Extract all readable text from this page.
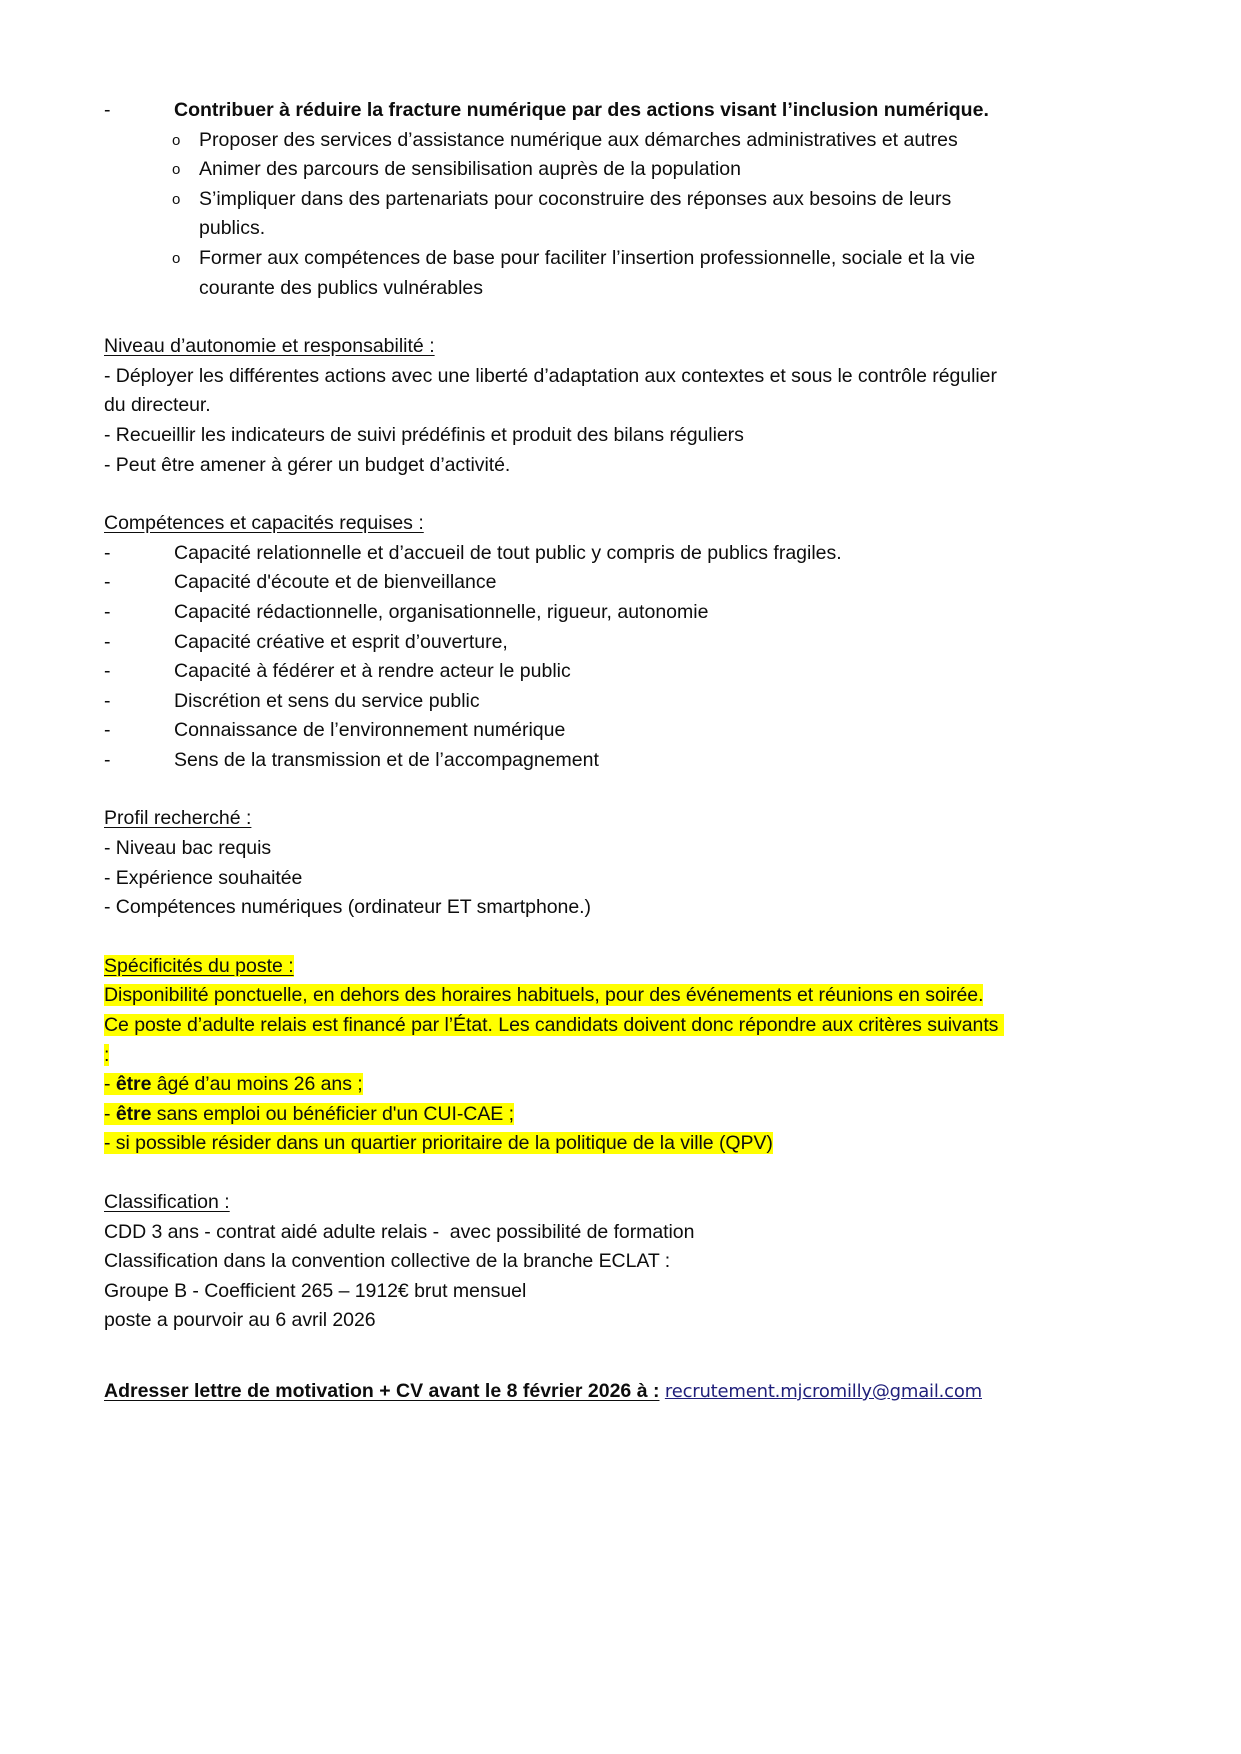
-	Contribuer à réduire la fracture numérique par des actions visant l’inclusion numérique.
o Proposer des services d’assistance numérique aux démarches administratives et autres
o Animer des parcours de sensibilisation auprès de la population
o S’impliquer dans des partenariats pour coconstruire des réponses aux besoins de leurs publics.
o Former aux compétences de base pour faciliter l’insertion professionnelle, sociale et la vie courante des publics vulnérables
Niveau d’autonomie et responsabilité :
- Déployer les différentes actions avec une liberté d’adaptation aux contextes et sous le contrôle régulier du directeur.
- Recueillir les indicateurs de suivi prédéfinis et produit des bilans réguliers
- Peut être amener à gérer un budget d’activité.
Compétences et capacités requises :
-	Capacité relationnelle et d’accueil de tout public y compris de publics fragiles.
-	Capacité d'écoute et de bienveillance
-	Capacité rédactionnelle, organisationnelle, rigueur, autonomie
-	Capacité créative et esprit d’ouverture,
-	Capacité à fédérer et à rendre acteur le public
-	Discrétion et sens du service public
-	Connaissance de l’environnement numérique
-	Sens de la transmission et de l’accompagnement
Profil recherché :
- Niveau bac requis
- Expérience souhaitée
- Compétences numériques (ordinateur ET smartphone.)
Spécificités du poste :
Disponibilité ponctuelle, en dehors des horaires habituels, pour des événements et réunions en soirée.
Ce poste d’adulte relais est financé par l’État. Les candidats doivent donc répondre aux critères suivants :
- être âgé d’au moins 26 ans ;
- être sans emploi ou bénéficier d'un CUI-CAE ;
- si possible résider dans un quartier prioritaire de la politique de la ville (QPV)
Classification :
CDD 3 ans - contrat aidé adulte relais -  avec possibilité de formation
Classification dans la convention collective de la branche ECLAT :
Groupe B - Coefficient 265 – 1912€ brut mensuel
poste a pourvoir au 6 avril 2026
Adresser lettre de motivation + CV avant le 8 février 2026 à : recrutement.mjcromilly@gmail.com
